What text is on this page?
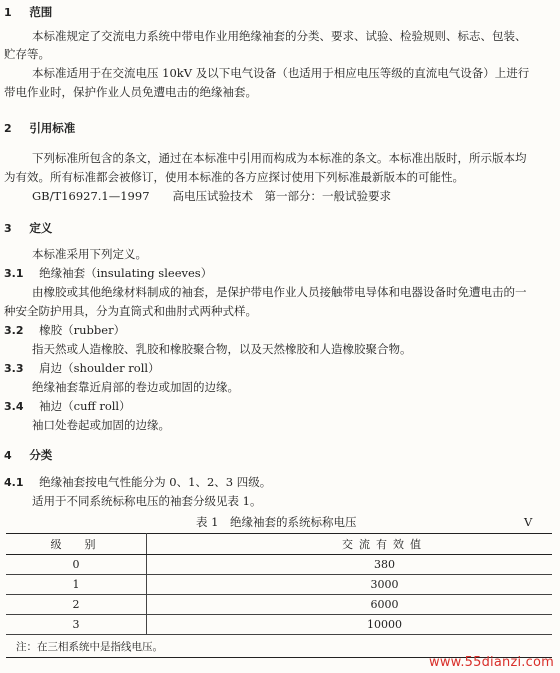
1 范围
本标准规定了交流电力系统中带电作业用绝缘袖套的分类、要求、试验、检验规则、标志、包装、
贮存等。
本标准适用于在交流电压 10kV 及以下电气设备（也适用于相应电压等级的直流电气设备）上进行
带电作业时，保护作业人员免遭电击的绝缘袖套。
2 引用标准
下列标准所包含的条文，通过在本标准中引用而构成为本标准的条文。本标准出版时，所示版本均
为有效。所有标准都会被修订，使用本标准的各方应探讨使用下列标准最新版本的可能性。
GB/T16927.1—1997　　高电压试验技术　第一部分：一般试验要求
3 定义
本标准采用下列定义。
3.1 绝缘袖套（insulating sleeves）
由橡胶或其他绝缘材料制成的袖套，是保护带电作业人员接触带电导体和电器设备时免遭电击的一
种安全防护用具，分为直筒式和曲肘式两种式样。
3.2 橡胶（rubber）
指天然或人造橡胶、乳胶和橡胶聚合物，以及天然橡胶和人造橡胶聚合物。
3.3 肩边（shoulder roll）
绝缘袖套靠近肩部的卷边或加固的边缘。
3.4 袖边（cuff roll）
袖口处卷起或加固的边缘。
4 分类
4.1 绝缘袖套按电气性能分为 0、1、2、3 四级。
适用于不同系统标称电压的袖套分级见表 1。
表 1　绝缘袖套的系统标称电压	V
级　别	交流有效值
0	380
1	3000
2	6000
3	10000
注：在三相系统中是指线电压。	
www.55dianzi.com
